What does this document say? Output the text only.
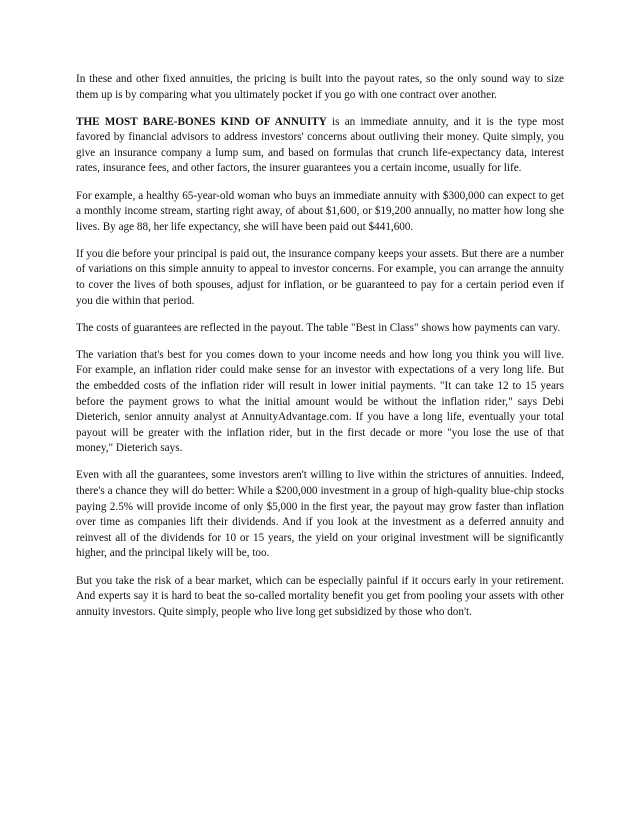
In these and other fixed annuities, the pricing is built into the payout rates, so the only sound way to size them up is by comparing what you ultimately pocket if you go with one contract over another.

THE MOST BARE-BONES KIND OF ANNUITY is an immediate annuity, and it is the type most favored by financial advisors to address investors' concerns about outliving their money. Quite simply, you give an insurance company a lump sum, and based on formulas that crunch life-expectancy data, interest rates, insurance fees, and other factors, the insurer guarantees you a certain income, usually for life.

For example, a healthy 65-year-old woman who buys an immediate annuity with $300,000 can expect to get a monthly income stream, starting right away, of about $1,600, or $19,200 annually, no matter how long she lives. By age 88, her life expectancy, she will have been paid out $441,600.

If you die before your principal is paid out, the insurance company keeps your assets. But there are a number of variations on this simple annuity to appeal to investor concerns. For example, you can arrange the annuity to cover the lives of both spouses, adjust for inflation, or be guaranteed to pay for a certain period even if you die within that period.

The costs of guarantees are reflected in the payout. The table "Best in Class" shows how payments can vary.

The variation that's best for you comes down to your income needs and how long you think you will live. For example, an inflation rider could make sense for an investor with expectations of a very long life. But the embedded costs of the inflation rider will result in lower initial payments. "It can take 12 to 15 years before the payment grows to what the initial amount would be without the inflation rider," says Debi Dieterich, senior annuity analyst at AnnuityAdvantage.com. If you have a long life, eventually your total payout will be greater with the inflation rider, but in the first decade or more "you lose the use of that money," Dieterich says.

Even with all the guarantees, some investors aren't willing to live within the strictures of annuities. Indeed, there's a chance they will do better: While a $200,000 investment in a group of high-quality blue-chip stocks paying 2.5% will provide income of only $5,000 in the first year, the payout may grow faster than inflation over time as companies lift their dividends. And if you look at the investment as a deferred annuity and reinvest all of the dividends for 10 or 15 years, the yield on your original investment will be significantly higher, and the principal likely will be, too.

But you take the risk of a bear market, which can be especially painful if it occurs early in your retirement. And experts say it is hard to beat the so-called mortality benefit you get from pooling your assets with other annuity investors. Quite simply, people who live long get subsidized by those who don't.
